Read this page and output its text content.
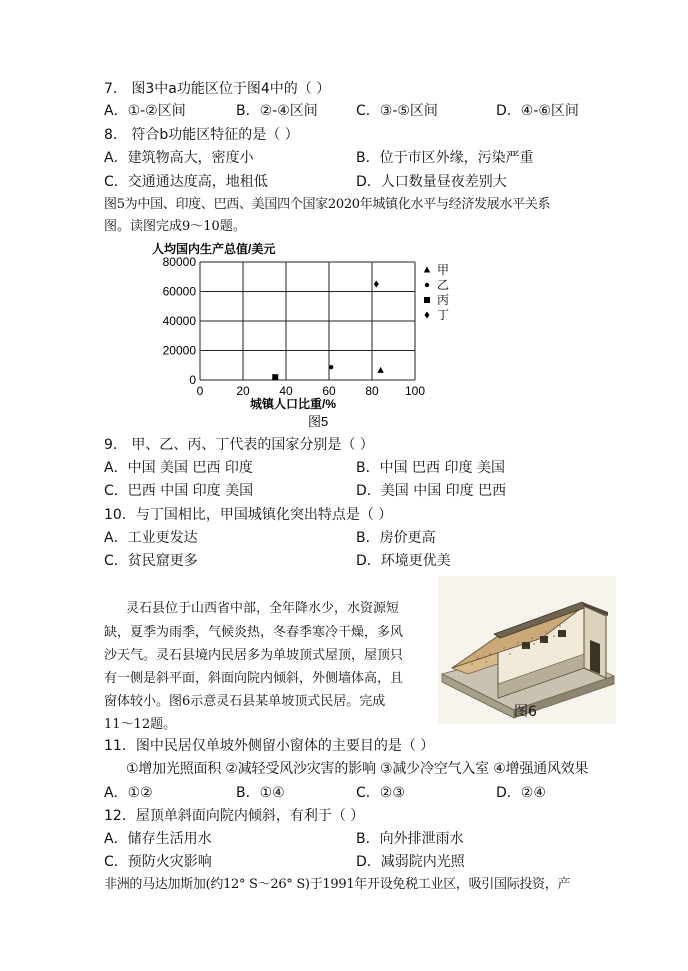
7． 图3中a功能区位于图4中的（ ）
A．①-②区间	B．②-④区间	C．③-⑤区间	D．④-⑥区间
8． 符合b功能区特征的是（ ）
A．建筑物高大，密度小	B．位于市区外缘，污染严重
C．交通通达度高，地租低	D．人口数量昼夜差别大
图5为中国、印度、巴西、美国四个国家2020年城镇化水平与经济发展水平关系
图。读图完成9～10题。
人均国内生产总值/美元
0
20000
40000
60000
80000
0	20 40 60 80 100
甲
乙
丙
丁
城镇人口比重/%
图5
9． 甲、乙、丙、丁代表的国家分别是（ ）
A．中国 美国 巴西 印度	B．中国 巴西 印度 美国
C．巴西 中国 印度 美国	D．美国 中国 印度 巴西
10．与丁国相比，甲国城镇化突出特点是（ ）
A．工业更发达	B．房价更高
C．贫民窟更多	D．环境更优美
灵石县位于山西省中部，全年降水少，水资源短
缺，夏季为雨季，气候炎热，冬春季寒冷干燥，多风
沙天气。灵石县境内民居多为单坡顶式屋顶，屋顶只
有一侧是斜平面，斜面向院内倾斜，外侧墙体高，且
窗体较小。图6示意灵石县某单坡顶式民居。完成
11～12题。
图6
11．图中民居仅单坡外侧留小窗体的主要目的是（ ）
①增加光照面积 ②减轻受风沙灾害的影响 ③减少冷空气入室 ④增强通风效果
A．①②	B．①④	C．②③	D．②④
12．屋顶单斜面向院内倾斜，有利于（ ）
A．储存生活用水	B．向外排泄雨水
C．预防火灾影响	D．减弱院内光照
非洲的马达加斯加(约12° S～26° S)于1991年开设免税工业区，吸引国际投资，产
